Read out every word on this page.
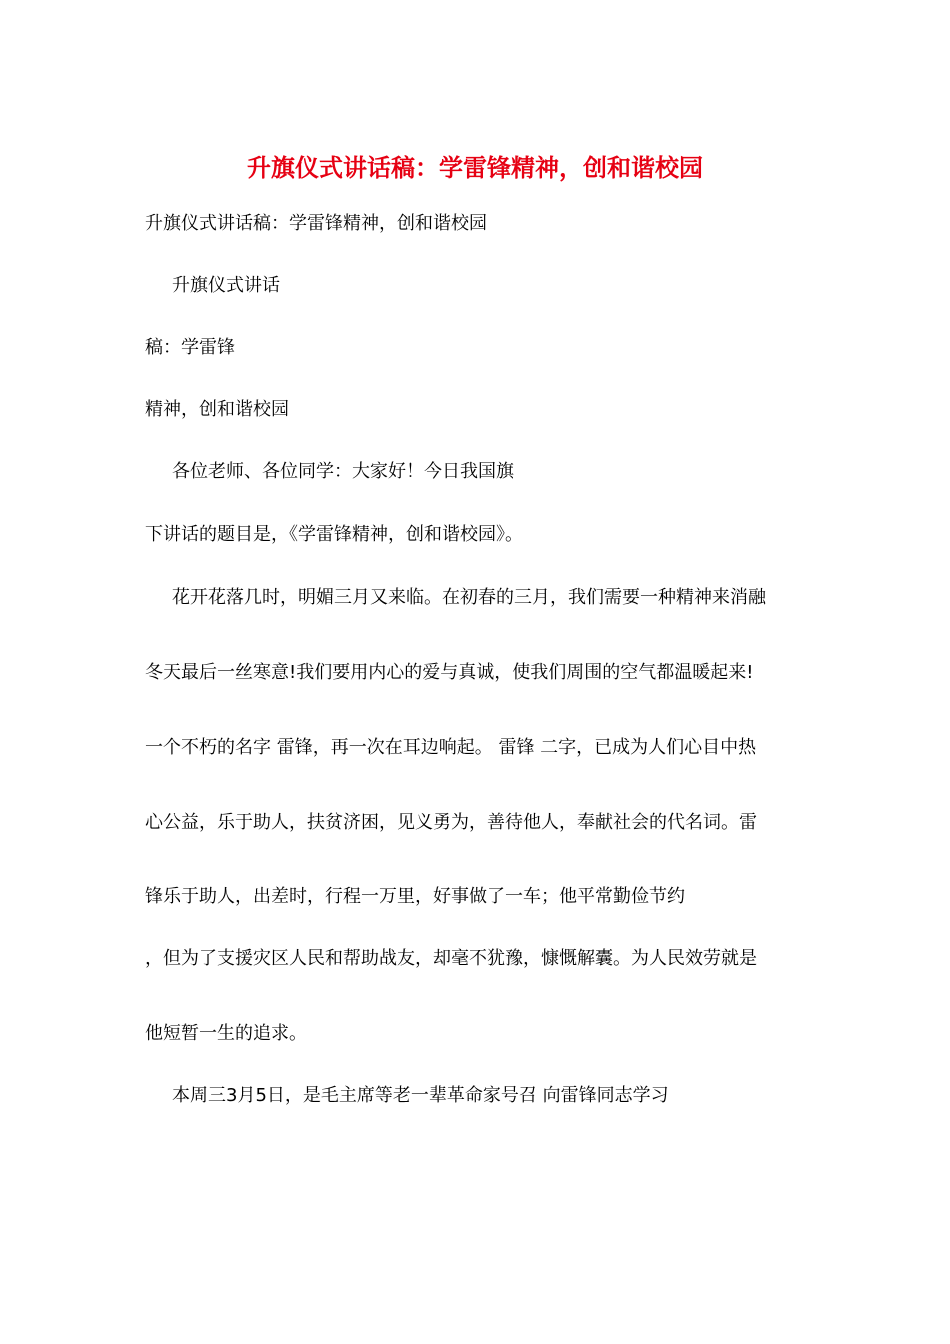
升旗仪式讲话稿：学雷锋精神，创和谐校园
升旗仪式讲话稿：学雷锋精神，创和谐校园
升旗仪式讲话
稿：学雷锋
精神，创和谐校园
各位老师、各位同学：大家好！今日我国旗
下讲话的题目是，《学雷锋精神，创和谐校园》。
花开花落几时，明媚三月又来临。在初春的三月，我们需要一种精神来消融
冬天最后一丝寒意!我们要用内心的爱与真诚，使我们周围的空气都温暖起来!
一个不朽的名字 雷锋，再一次在耳边响起。 雷锋 二字，已成为人们心目中热
心公益，乐于助人，扶贫济困，见义勇为，善待他人，奉献社会的代名词。雷
锋乐于助人，出差时，行程一万里，好事做了一车；他平常勤俭节约
，但为了支援灾区人民和帮助战友，却毫不犹豫，慷慨解囊。为人民效劳就是
他短暂一生的追求。
本周三3月5日，是毛主席等老一辈革命家号召 向雷锋同志学习
